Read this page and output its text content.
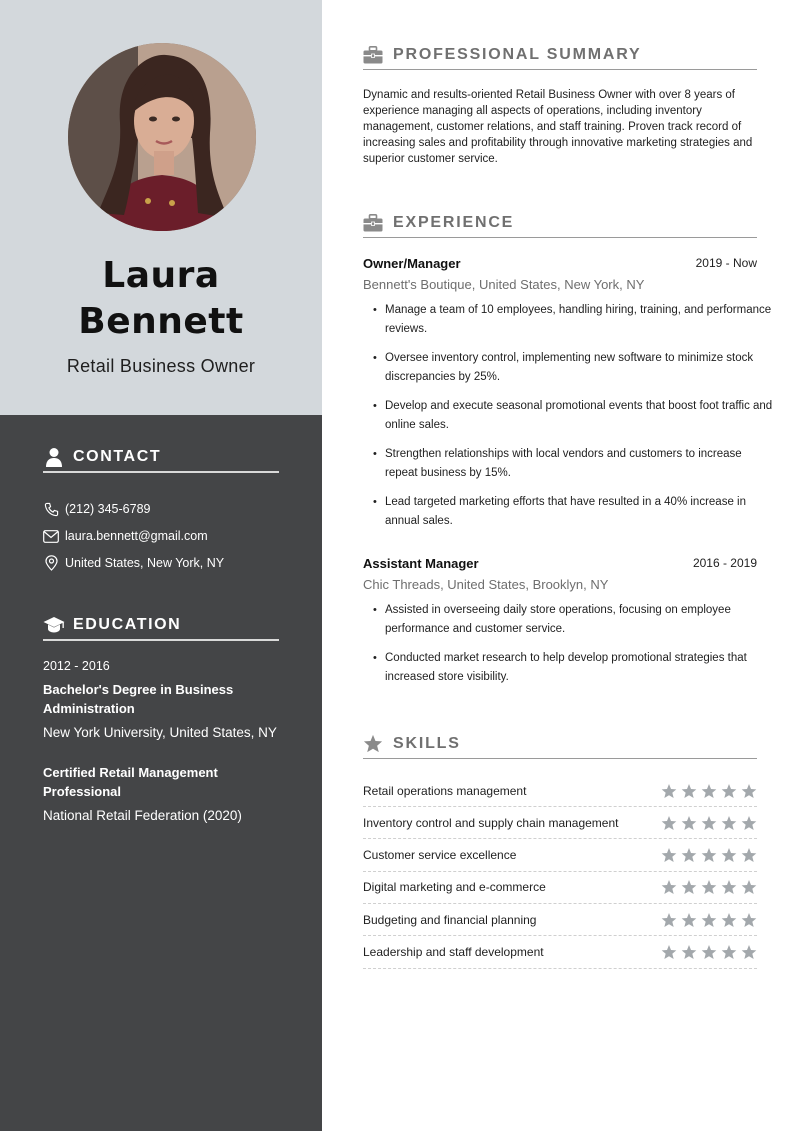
Laura
Bennett
Retail Business Owner
CONTACT
(212) 345-6789
laura.bennett@gmail.com
United States, New York, NY
EDUCATION
2012 - 2016
Bachelor's Degree in Business Administration
New York University, United States, NY
Certified Retail Management Professional
National Retail Federation (2020)
PROFESSIONAL SUMMARY
Dynamic and results-oriented Retail Business Owner with over 8 years of experience managing all aspects of operations, including inventory management, customer relations, and staff training. Proven track record of increasing sales and profitability through innovative marketing strategies and superior customer service.
EXPERIENCE
Owner/Manager	2019 - Now
Bennett's Boutique, United States, New York, NY
• Manage a team of 10 employees, handling hiring, training, and performance reviews.
• Oversee inventory control, implementing new software to minimize stock discrepancies by 25%.
• Develop and execute seasonal promotional events that boost foot traffic and online sales.
• Strengthen relationships with local vendors and customers to increase repeat business by 15%.
• Lead targeted marketing efforts that have resulted in a 40% increase in annual sales.
Assistant Manager	2016 - 2019
Chic Threads, United States, Brooklyn, NY
• Assisted in overseeing daily store operations, focusing on employee performance and customer service.
• Conducted market research to help develop promotional strategies that increased store visibility.
SKILLS
Retail operations management
Inventory control and supply chain management
Customer service excellence
Digital marketing and e-commerce
Budgeting and financial planning
Leadership and staff development
